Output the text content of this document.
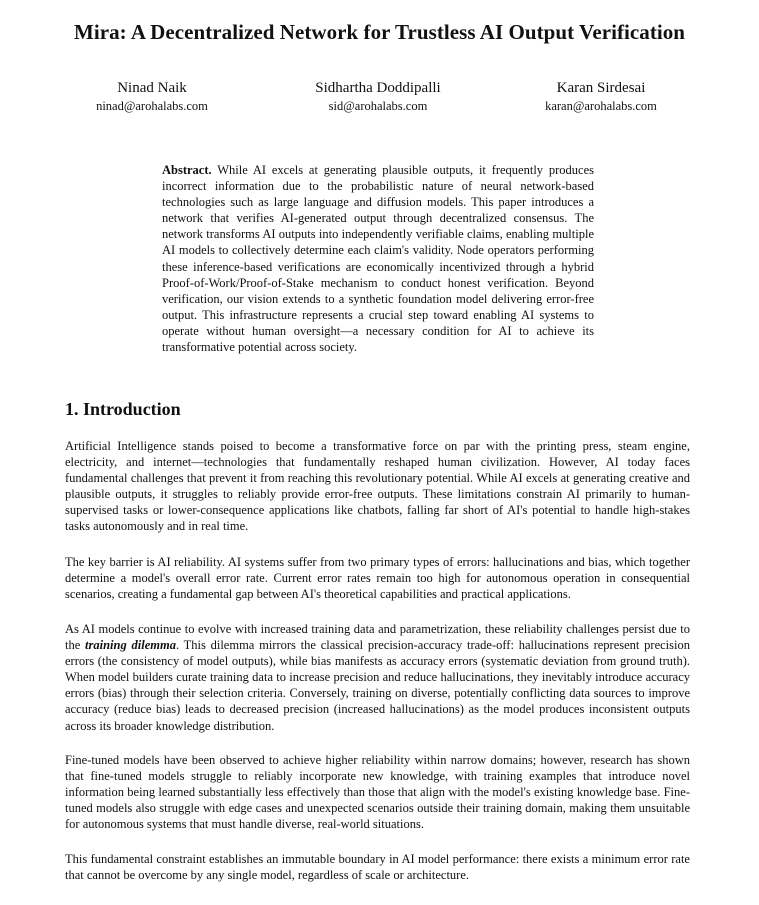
Mira: A Decentralized Network for Trustless AI Output Verification
Ninad Naik
ninad@arohalabs.com
Sidhartha Doddipalli
sid@arohalabs.com
Karan Sirdesai
karan@arohalabs.com
Abstract. While AI excels at generating plausible outputs, it frequently produces incorrect information due to the probabilistic nature of neural network-based technologies such as large language and diffusion models. This paper introduces a network that verifies AI-generated output through decentralized consensus. The network transforms AI outputs into independently verifiable claims, enabling multiple AI models to collectively determine each claim's validity. Node operators performing these inference-based verifications are economically incentivized through a hybrid Proof-of-Work/Proof-of-Stake mechanism to conduct honest verification. Beyond verification, our vision extends to a synthetic foundation model delivering error-free output. This infrastructure represents a crucial step toward enabling AI systems to operate without human oversight—a necessary condition for AI to achieve its transformative potential across society.
1. Introduction
Artificial Intelligence stands poised to become a transformative force on par with the printing press, steam engine, electricity, and internet—technologies that fundamentally reshaped human civilization. However, AI today faces fundamental challenges that prevent it from reaching this revolutionary potential. While AI excels at generating creative and plausible outputs, it struggles to reliably provide error-free outputs. These limitations constrain AI primarily to human-supervised tasks or lower-consequence applications like chatbots, falling far short of AI's potential to handle high-stakes tasks autonomously and in real time.
The key barrier is AI reliability. AI systems suffer from two primary types of errors: hallucinations and bias, which together determine a model's overall error rate. Current error rates remain too high for autonomous operation in consequential scenarios, creating a fundamental gap between AI's theoretical capabilities and practical applications.
As AI models continue to evolve with increased training data and parametrization, these reliability challenges persist due to the training dilemma. This dilemma mirrors the classical precision-accuracy trade-off: hallucinations represent precision errors (the consistency of model outputs), while bias manifests as accuracy errors (systematic deviation from ground truth). When model builders curate training data to increase precision and reduce hallucinations, they inevitably introduce accuracy errors (bias) through their selection criteria. Conversely, training on diverse, potentially conflicting data sources to improve accuracy (reduce bias) leads to decreased precision (increased hallucinations) as the model produces inconsistent outputs across its broader knowledge distribution.
Fine-tuned models have been observed to achieve higher reliability within narrow domains; however, research has shown that fine-tuned models struggle to reliably incorporate new knowledge, with training examples that introduce novel information being learned substantially less effectively than those that align with the model's existing knowledge base. Fine-tuned models also struggle with edge cases and unexpected scenarios outside their training domain, making them unsuitable for autonomous systems that must handle diverse, real-world situations.
This fundamental constraint establishes an immutable boundary in AI model performance: there exists a minimum error rate that cannot be overcome by any single model, regardless of scale or architecture.
